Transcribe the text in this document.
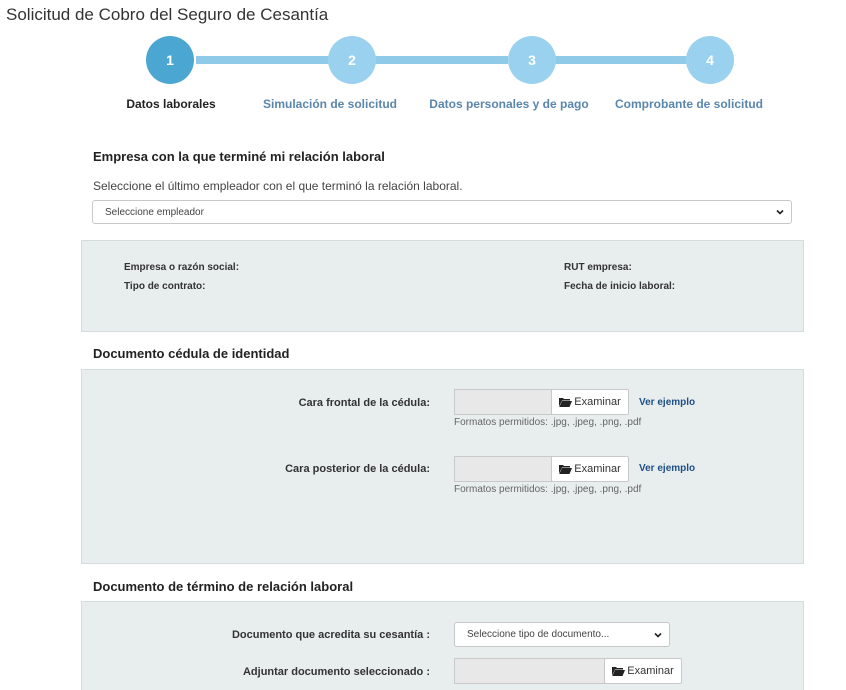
Solicitud de Cobro del Seguro de Cesantía
1	2	3	4
Datos laborales	Simulación de solicitud	Datos personales y de pago Comprobante de solicitud
Empresa con la que terminé mi relación laboral
Seleccione el último empleador con el que terminó la relación laboral.
Seleccione empleador
Empresa o razón social:	RUT empresa:
Tipo de contrato:	Fecha de inicio laboral:
Documento cédula de identidad
Cara frontal de la cédula:	Examinar Ver ejemplo
Formatos permitidos: .jpg, .jpeg, .png, .pdf
Cara posterior de la cédula:	Examinar Ver ejemplo
Formatos permitidos: .jpg, .jpeg, .png, .pdf
Documento de término de relación laboral
Documento que acredita su cesantía :	Seleccione tipo de documento...
Adjuntar documento seleccionado :	Examinar
